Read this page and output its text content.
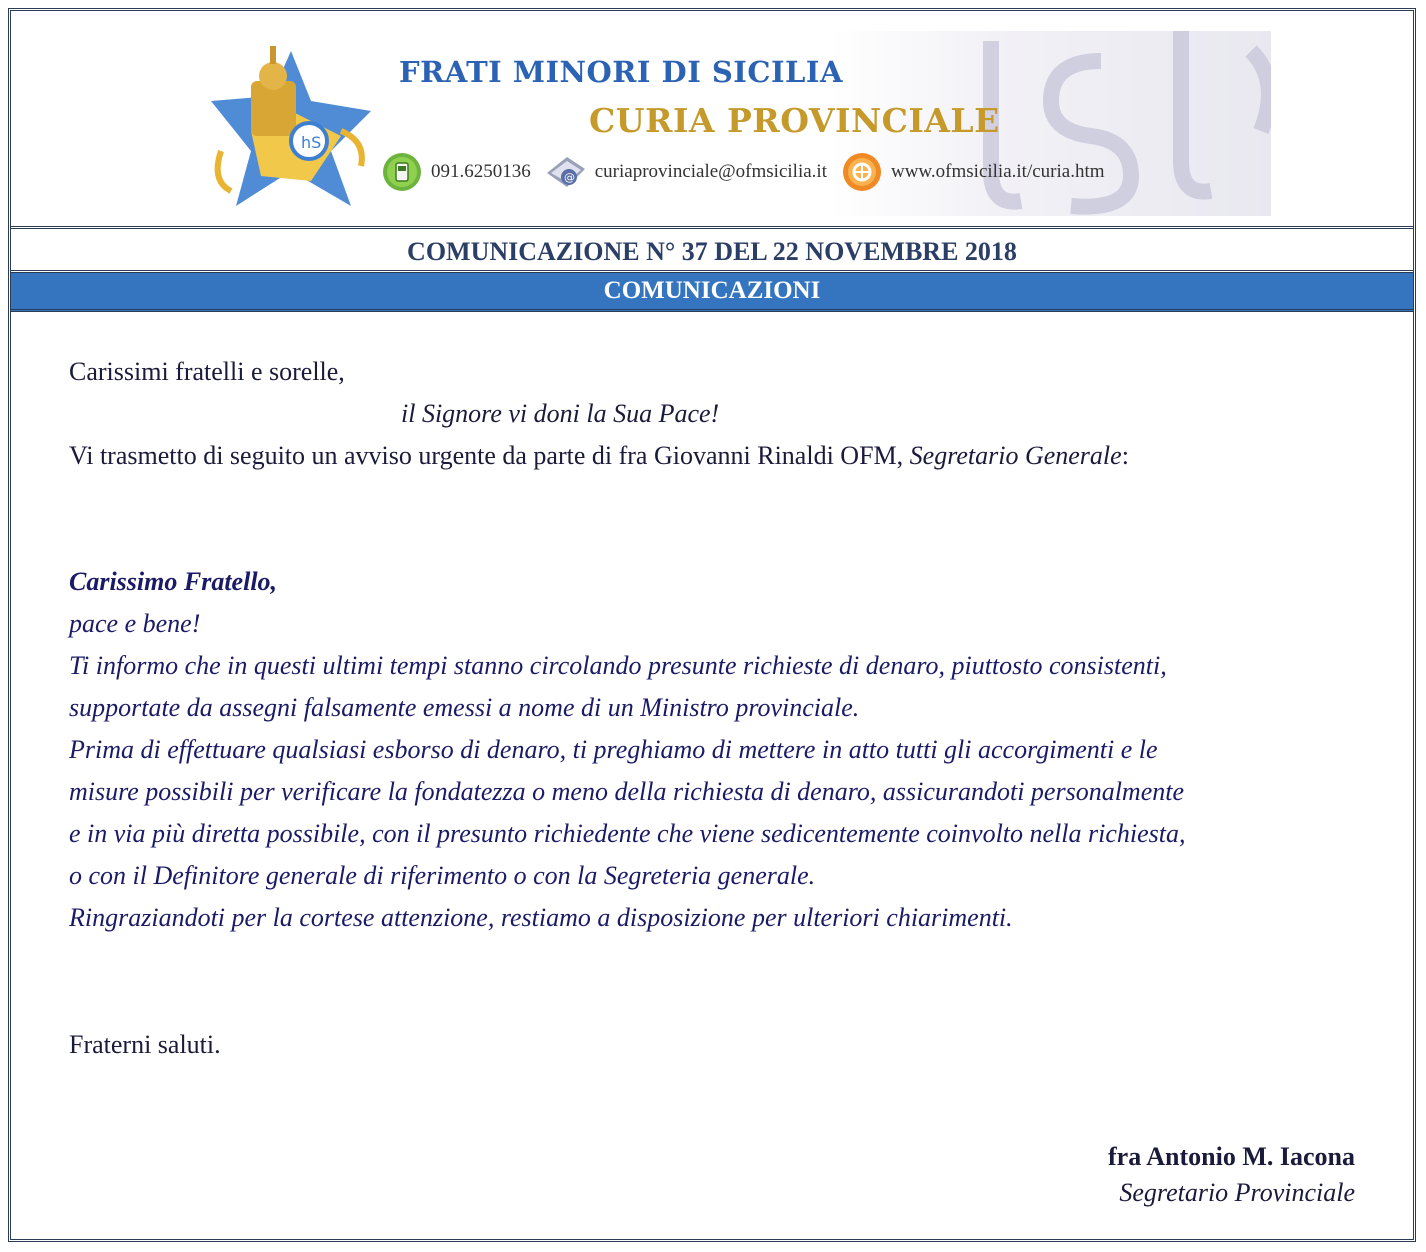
hS
FRATI MINORI DI SICILIA
CURIA PROVINCIALE
091.6250136	@ curiaprovinciale@ofmsicilia.it	www.ofmsicilia.it/curia.htm
COMUNICAZIONE N° 37 DEL 22 NOVEMBRE 2018
COMUNICAZIONI

Carissimi fratelli e sorelle,

il Signore vi doni la Sua Pace!

Vi trasmetto di seguito un avviso urgente da parte di fra Giovanni Rinaldi OFM, Segretario Generale:

Carissimo Fratello,

pace e bene!

Ti informo che in questi ultimi tempi stanno circolando presunte richieste di denaro, piuttosto consistenti,

supportate da assegni falsamente emessi a nome di un Ministro provinciale.

Prima di effettuare qualsiasi esborso di denaro, ti preghiamo di mettere in atto tutti gli accorgimenti e le

misure possibili per verificare la fondatezza o meno della richiesta di denaro, assicurandoti personalmente

e in via più diretta possibile, con il presunto richiedente che viene sedicentemente coinvolto nella richiesta,

o con il Definitore generale di riferimento o con la Segreteria generale.

Ringraziandoti per la cortese attenzione, restiamo a disposizione per ulteriori chiarimenti.

Fraterni saluti.

fra Antonio M. Iacona
Segretario Provinciale
